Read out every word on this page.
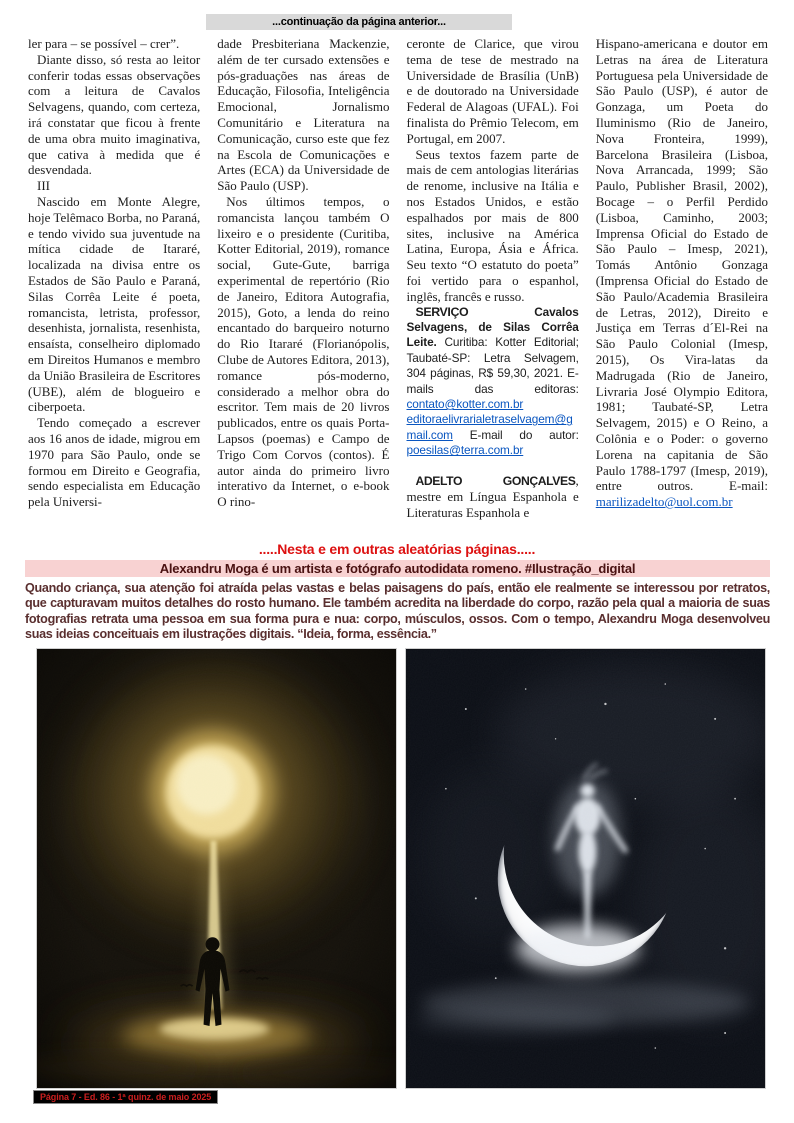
...continuação da página anterior...

ler para – se possível – crer”.

Diante disso, só resta ao leitor conferir todas essas observações com a leitura de Cavalos Selvagens, quando, com certeza, irá constatar que ficou à frente de uma obra muito imaginativa, que cativa à medida que é desvendada.

III

Nascido em Monte Alegre, hoje Telêmaco Borba, no Paraná, e tendo vivido sua juventude na mítica cidade de Itararé, localizada na divisa entre os Estados de São Paulo e Paraná, Silas Corrêa Leite é poeta, romancista, letrista, professor, desenhista, jornalista, resenhista, ensaísta, conselheiro diplomado em Direitos Humanos e membro da União Brasileira de Escritores (UBE), além de blogueiro e ciberpoeta.

Tendo começado a escrever aos 16 anos de idade, migrou em 1970 para São Paulo, onde se formou em Direito e Geografia, sendo especialista em Educação pela Universi-

dade Presbiteriana Mackenzie, além de ter cursado extensões e pós-graduações nas áreas de Educação, Filosofia, Inteligência Emocional, Jornalismo Comunitário e Literatura na Comunicação, curso este que fez na Escola de Comunicações e Artes (ECA) da Universidade de São Paulo (USP).

Nos últimos tempos, o romancista lançou também O lixeiro e o presidente (Curitiba, Kotter Editorial, 2019), romance social, Gute-Gute, barriga experimental de repertório (Rio de Janeiro, Editora Autografia, 2015), Goto, a lenda do reino encantado do barqueiro noturno do Rio Itararé (Florianópolis, Clube de Autores Editora, 2013), romance pós-moderno, considerado a melhor obra do escritor. Tem mais de 20 livros publicados, entre os quais Porta-Lapsos (poemas) e Campo de Trigo Com Corvos (contos). É autor ainda do primeiro livro interativo da Internet, o e-book O rino-

ceronte de Clarice, que virou tema de tese de mestrado na Universidade de Brasília (UnB) e de doutorado na Universidade Federal de Alagoas (UFAL). Foi finalista do Prêmio Telecom, em Portugal, em 2007.

Seus textos fazem parte de mais de cem antologias literárias de renome, inclusive na Itália e nos Estados Unidos, e estão espalhados por mais de 800 sites, inclusive na América Latina, Europa, Ásia e África. Seu texto “O estatuto do poeta” foi vertido para o espanhol, inglês, francês e russo.

SERVIÇO	Cavalos Selvagens, de Silas Corrêa Leite. Curitiba: Kotter Editorial; Taubaté-SP: Letra Selvagem, 304 páginas, R$ 59,30, 2021. E-mails das editoras: contato@kotter.com.br editoraelivrarialetraselvagem@gmail.com E-mail do autor: poesilas@terra.com.br

ADELTO GONÇALVES, mestre em Língua Espanhola e Literaturas Espanhola e

Hispano-americana e doutor em Letras na área de Literatura Portuguesa pela Universidade de São Paulo (USP), é autor de Gonzaga, um Poeta do Iluminismo (Rio de Janeiro, Nova Fronteira, 1999), Barcelona Brasileira (Lisboa, Nova Arrancada, 1999; São Paulo, Publisher Brasil, 2002), Bocage – o Perfil Perdido (Lisboa, Caminho, 2003; Imprensa Oficial do Estado de São Paulo – Imesp, 2021), Tomás Antônio Gonzaga (Imprensa Oficial do Estado de São Paulo/Academia Brasileira de Letras, 2012), Direito e Justiça em Terras d´El-Rei na São Paulo Colonial (Imesp, 2015), Os Vira-latas da Madrugada (Rio de Janeiro, Livraria José Olympio Editora, 1981; Taubaté-SP, Letra Selvagem, 2015) e O Reino, a Colônia e o Poder: o governo Lorena na capitania de São Paulo 1788-1797 (Imesp, 2019), entre outros. E-mail: marilizadelto@uol.com.br

.....Nesta e em outras aleatórias páginas.....
Alexandru Moga é um artista e fotógrafo autodidata romeno. #Ilustração_digital

Quando criança, sua atenção foi atraída pelas vastas e belas paisagens do país, então ele realmente se interessou por retratos, que capturavam muitos detalhes do rosto humano. Ele também acredita na liberdade do corpo, razão pela qual a maioria de suas fotografias retrata uma pessoa em sua forma pura e nua: corpo, músculos, ossos. Com o tempo, Alexandru Moga desenvolveu suas ideias conceituais em ilustrações digitais. “Ideia, forma, essência.”

Página 7 - Ed. 86 - 1ª quinz. de maio 2025
